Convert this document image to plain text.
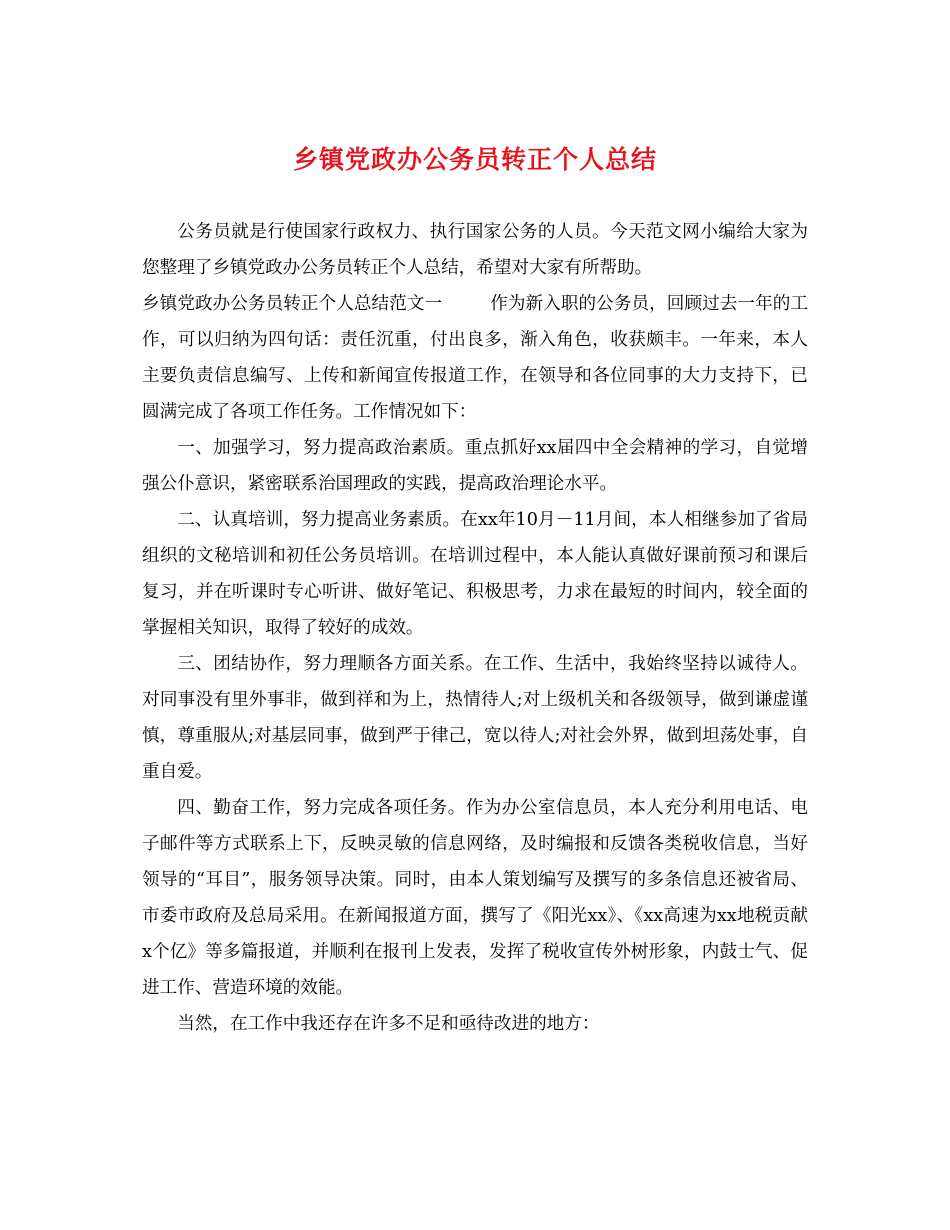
乡镇党政办公务员转正个人总结

公务员就是行使国家行政权力、执行国家公务的人员。今天范文网小编给大家为您整理了乡镇党政办公务员转正个人总结，希望对大家有所帮助。

乡镇党政办公务员转正个人总结范文一	作为新入职的公务员，回顾过去一年的工作，可以归纳为四句话：责任沉重，付出良多，渐入角色，收获颇丰。一年来，本人主要负责信息编写、上传和新闻宣传报道工作，在领导和各位同事的大力支持下，已圆满完成了各项工作任务。工作情况如下：

一、加强学习，努力提高政治素质。重点抓好xx届四中全会精神的学习，自觉增强公仆意识，紧密联系治国理政的实践，提高政治理论水平。

二、认真培训，努力提高业务素质。在xx年10月－11月间，本人相继参加了省局组织的文秘培训和初任公务员培训。在培训过程中，本人能认真做好课前预习和课后复习，并在听课时专心听讲、做好笔记、积极思考，力求在最短的时间内，较全面的掌握相关知识，取得了较好的成效。

三、团结协作，努力理顺各方面关系。在工作、生活中，我始终坚持以诚待人。对同事没有里外事非，做到祥和为上，热情待人;对上级机关和各级领导，做到谦虚谨慎，尊重服从;对基层同事，做到严于律己，宽以待人;对社会外界，做到坦荡处事，自重自爱。

四、勤奋工作，努力完成各项任务。作为办公室信息员，本人充分利用电话、电子邮件等方式联系上下，反映灵敏的信息网络，及时编报和反馈各类税收信息，当好领导的“耳目”，服务领导决策。同时，由本人策划编写及撰写的多条信息还被省局、市委市政府及总局采用。在新闻报道方面，撰写了《阳光xx》、《xx高速为xx地税贡献x个亿》等多篇报道，并顺利在报刊上发表，发挥了税收宣传外树形象，内鼓士气、促进工作、营造环境的效能。

当然，在工作中我还存在许多不足和亟待改进的地方：
